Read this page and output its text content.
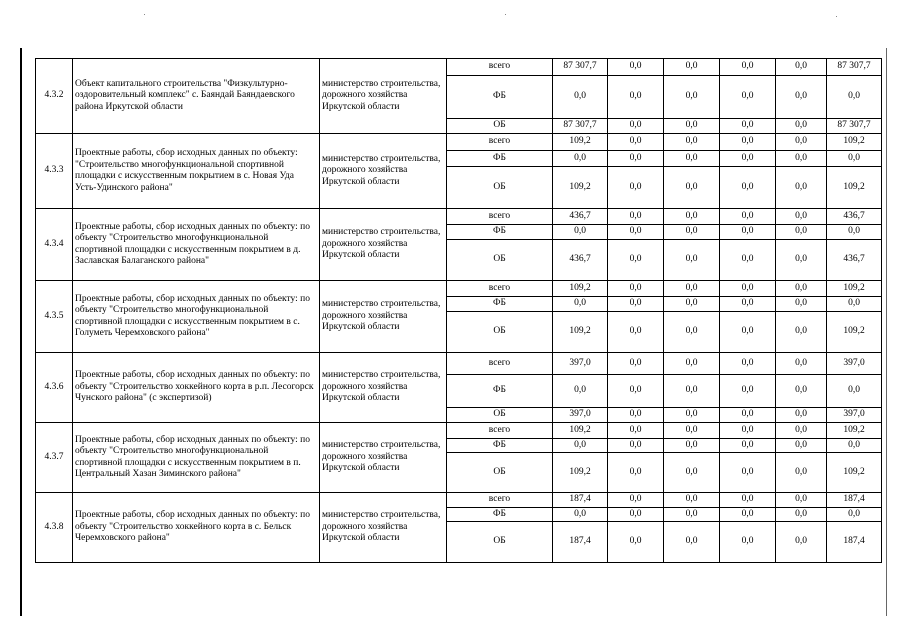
4.3.2	Объект капитального строительства "Физкультурно-оздоровительный комплекс" с. Баяндай Баяндаевского района Иркутской области	министерство строительства, дорожного хозяйства Иркутской области	всего	87 307,7	0,0	0,0	0,0	0,0	87 307,7
			ФБ	0,0	0,0	0,0	0,0	0,0	0,0
			ОБ	87 307,7	0,0	0,0	0,0	0,0	87 307,7
4.3.3	Проектные работы, сбор исходных данных по объекту: "Строительство многофункциональной спортивной площадки с искусственным покрытием в с. Новая Уда Усть-Удинского района"	министерство строительства, дорожного хозяйства Иркутской области	всего	109,2	0,0	0,0	0,0	0,0	109,2
			ФБ	0,0	0,0	0,0	0,0	0,0	0,0
			ОБ	109,2	0,0	0,0	0,0	0,0	109,2
4.3.4	Проектные работы, сбор исходных данных по объекту: по объекту "Строительство многофункциональной спортивной площадки с искусственным покрытием в д. Заславская Балаганского района"	министерство строительства, дорожного хозяйства Иркутской области	всего	436,7	0,0	0,0	0,0	0,0	436,7
			ФБ	0,0	0,0	0,0	0,0	0,0	0,0
			ОБ	436,7	0,0	0,0	0,0	0,0	436,7
4.3.5	Проектные работы, сбор исходных данных по объекту: по объекту "Строительство многофункциональной спортивной площадки с искусственным покрытием в с. Голуметь Черемховского района"	министерство строительства, дорожного хозяйства Иркутской области	всего	109,2	0,0	0,0	0,0	0,0	109,2
			ФБ	0,0	0,0	0,0	0,0	0,0	0,0
			ОБ	109,2	0,0	0,0	0,0	0,0	109,2
4.3.6	Проектные работы, сбор исходных данных по объекту: по объекту "Строительство хоккейного корта в р.п. Лесогорск Чунского района" (с экспертизой)	министерство строительства, дорожного хозяйства Иркутской области	всего	397,0	0,0	0,0	0,0	0,0	397,0
			ФБ	0,0	0,0	0,0	0,0	0,0	0,0
			ОБ	397,0	0,0	0,0	0,0	0,0	397,0
4.3.7	Проектные работы, сбор исходных данных по объекту: по объекту "Строительство многофункциональной спортивной площадки с искусственным покрытием в п. Центральный Хазан Зиминского района"	министерство строительства, дорожного хозяйства Иркутской области	всего	109,2	0,0	0,0	0,0	0,0	109,2
			ФБ	0,0	0,0	0,0	0,0	0,0	0,0
			ОБ	109,2	0,0	0,0	0,0	0,0	109,2
4.3.8	Проектные работы, сбор исходных данных по объекту: по объекту "Строительство хоккейного корта в с. Бельск Черемховского района"	министерство строительства, дорожного хозяйства Иркутской области	всего	187,4	0,0	0,0	0,0	0,0	187,4
			ФБ	0,0	0,0	0,0	0,0	0,0	0,0
			ОБ	187,4	0,0	0,0	0,0	0,0	187,4
